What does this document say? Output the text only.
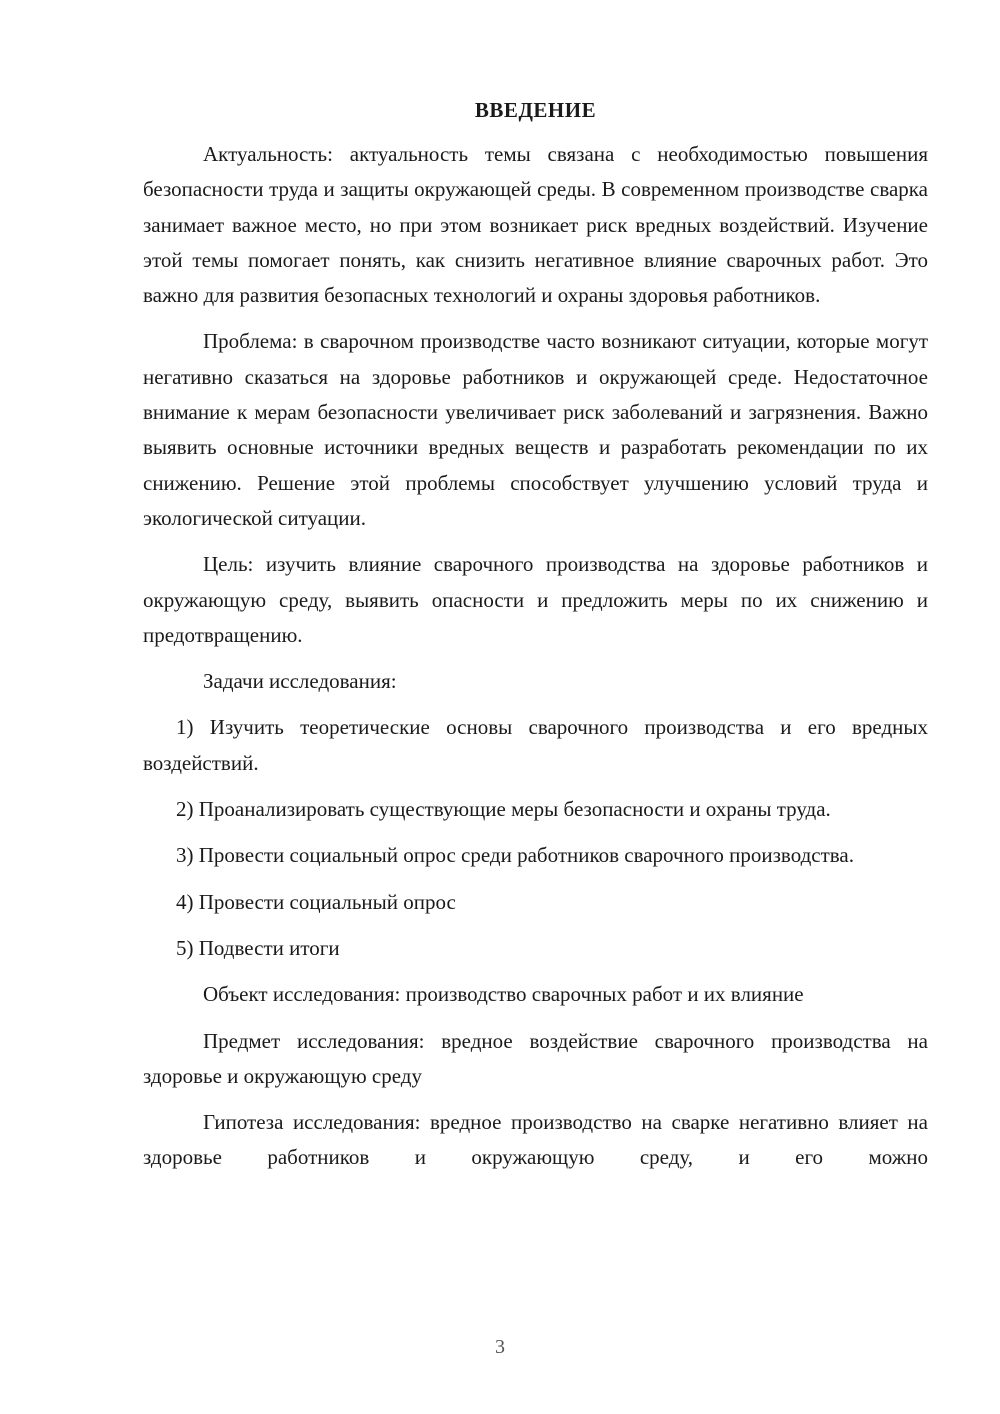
ВВЕДЕНИЕ

Актуальность: актуальность темы связана с необходимостью повышения безопасности труда и защиты окружающей среды. В современном производстве сварка занимает важное место, но при этом возникает риск вредных воздействий. Изучение этой темы помогает понять, как снизить негативное влияние сварочных работ. Это важно для развития безопасных технологий и охраны здоровья работников.

Проблема: в сварочном производстве часто возникают ситуации, которые могут негативно сказаться на здоровье работников и окружающей среде. Недостаточное внимание к мерам безопасности увеличивает риск заболеваний и загрязнения. Важно выявить основные источники вредных веществ и разработать рекомендации по их снижению. Решение этой проблемы способствует улучшению условий труда и экологической ситуации.

Цель: изучить влияние сварочного производства на здоровье работников и окружающую среду, выявить опасности и предложить меры по их снижению и предотвращению.

Задачи исследования:

1) Изучить теоретические основы сварочного производства и его вредных воздействий.

2) Проанализировать существующие меры безопасности и охраны труда.

3) Провести социальный опрос среди работников сварочного производства.

4) Провести социальный опрос

5) Подвести итоги

Объект исследования: производство сварочных работ и их влияние

Предмет исследования: вредное воздействие сварочного производства на здоровье и окружающую среду

Гипотеза исследования: вредное производство на сварке негативно влияет на здоровье работников и окружающую среду, и его можно

3
